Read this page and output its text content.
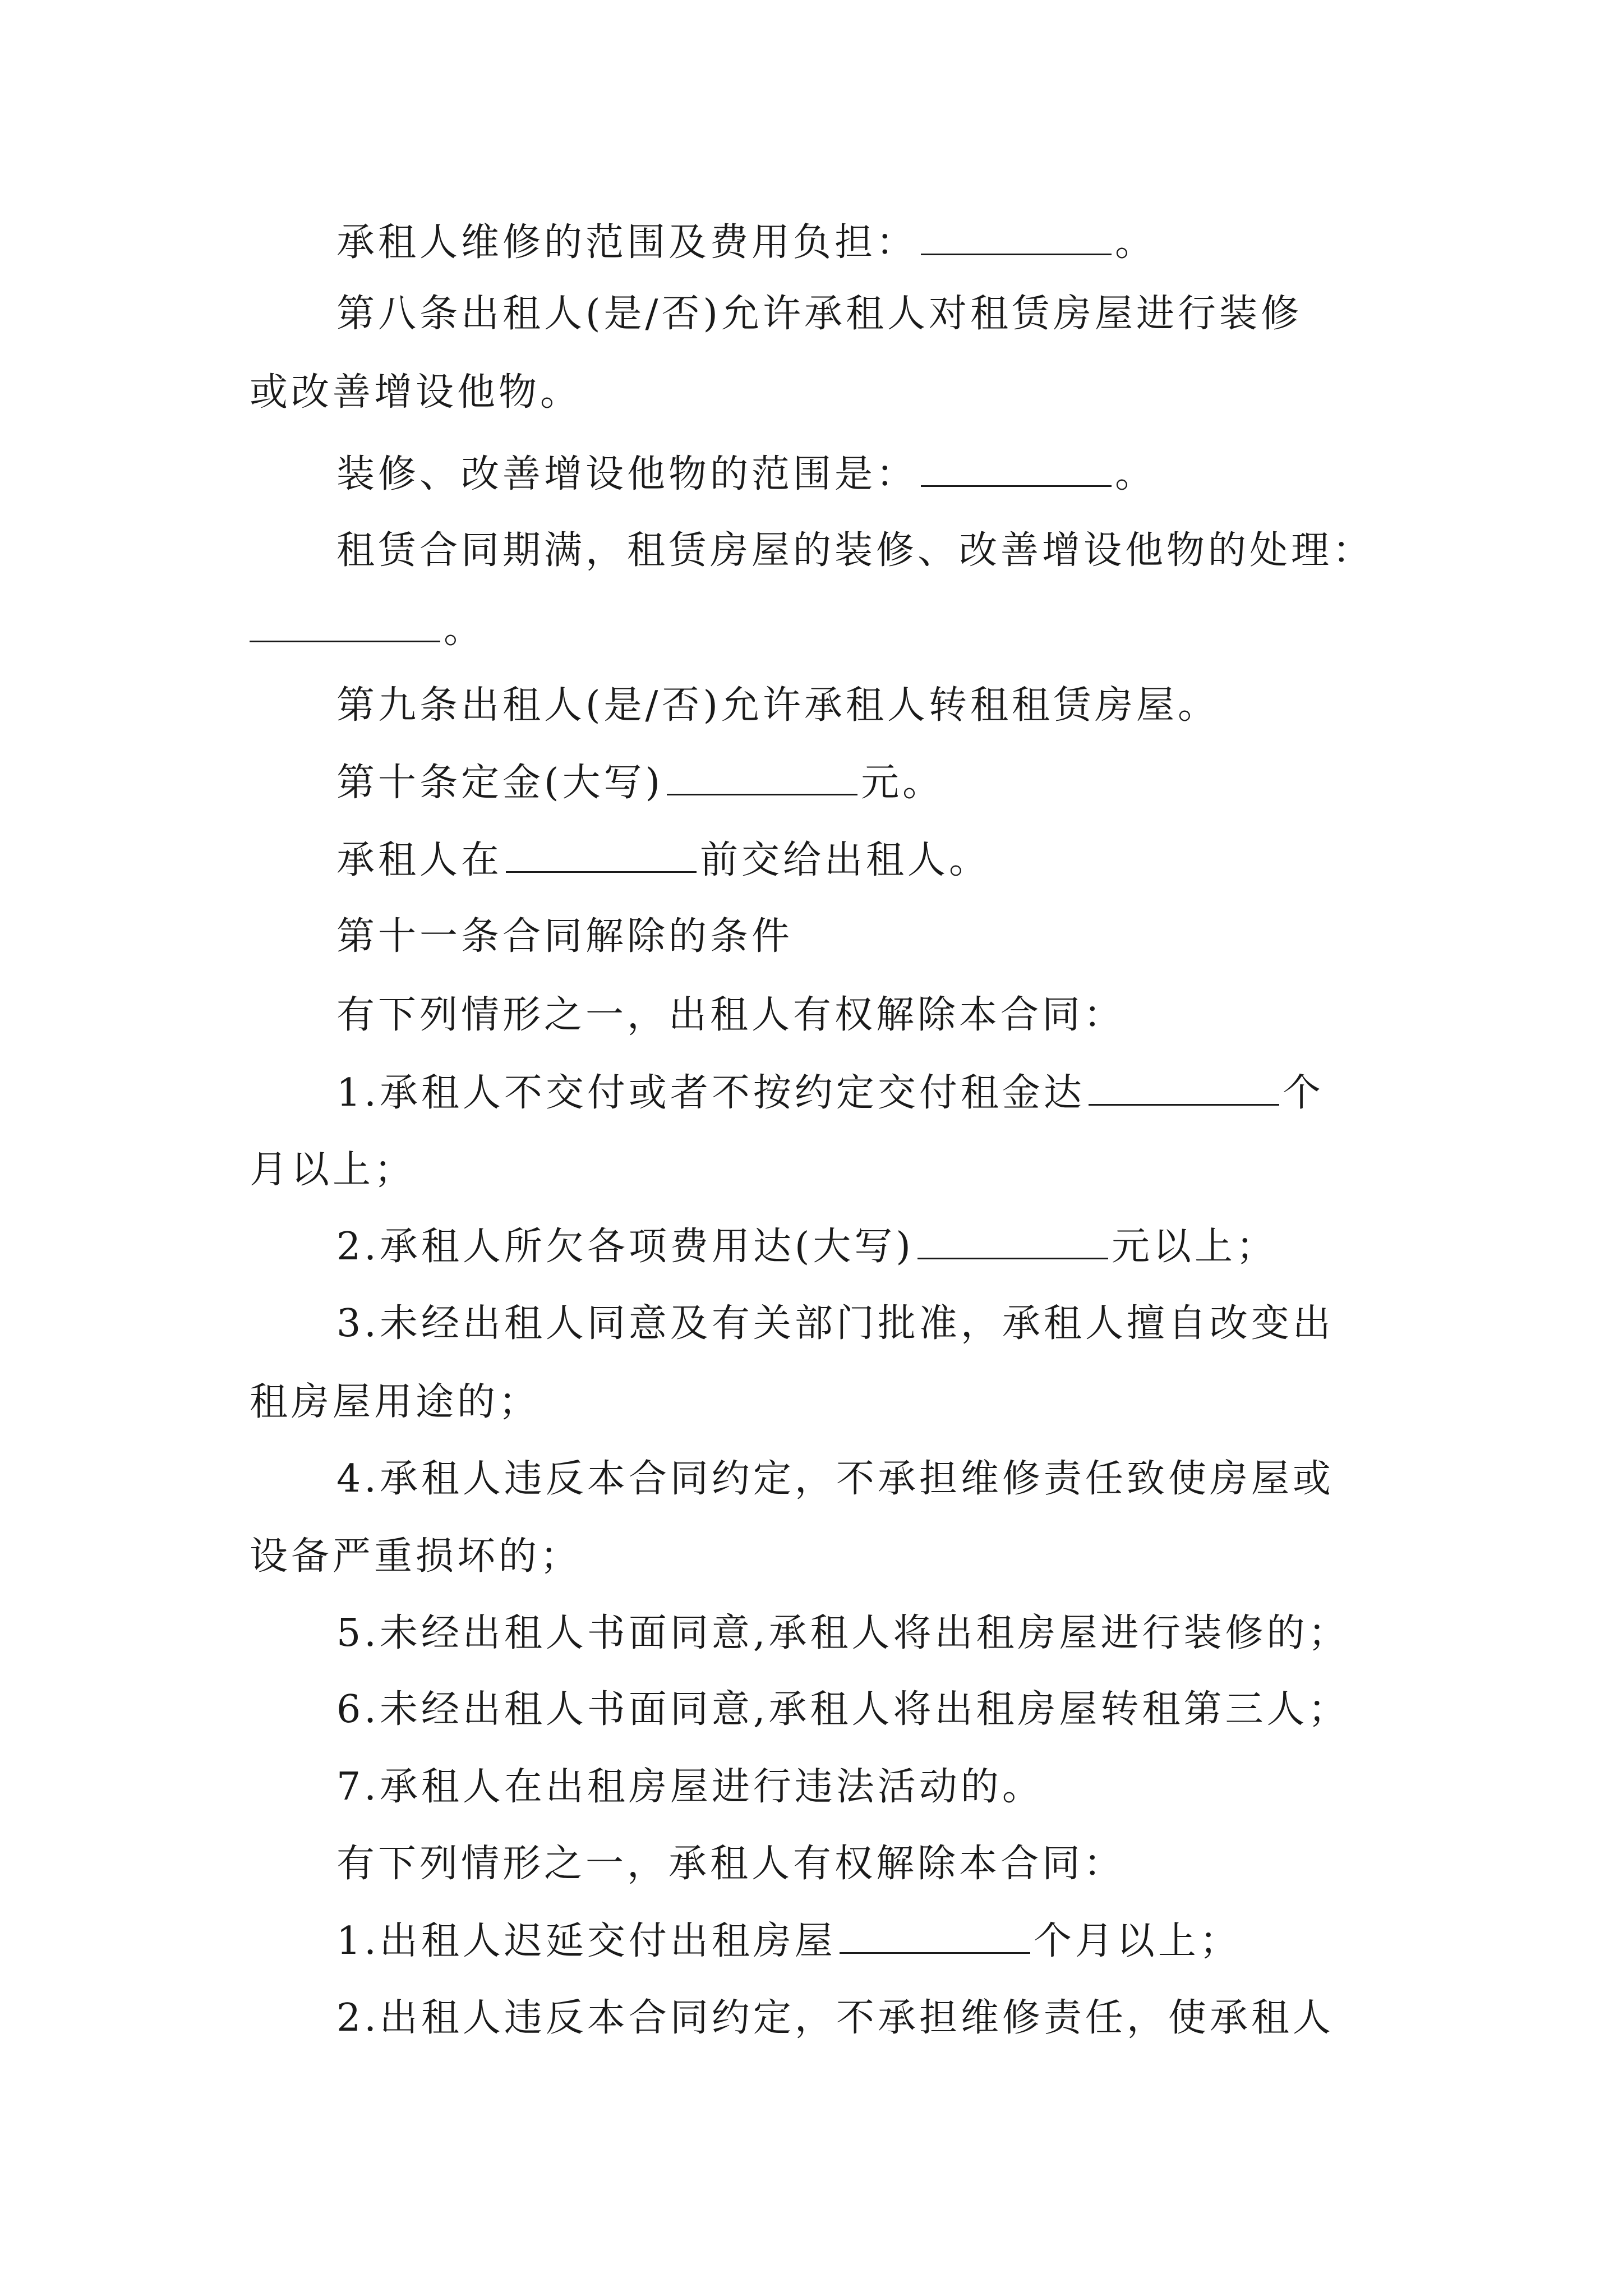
承租人维修的范围及费用负担：	。
第八条出租人(是/否)允许承租人对租赁房屋进行装修
或改善增设他物。
装修、改善增设他物的范围是：	。
租赁合同期满，租赁房屋的装修、改善增设他物的处理：
。
第九条出租人(是/否)允许承租人转租租赁房屋。
第十条定金(大写)	元。
承租人在	前交给出租人。
第十一条合同解除的条件
有下列情形之一，出租人有权解除本合同：
1.承租人不交付或者不按约定交付租金达	个
月以上；
2.承租人所欠各项费用达(大写)	元以上；
3.未经出租人同意及有关部门批准，承租人擅自改变出
租房屋用途的；
4.承租人违反本合同约定，不承担维修责任致使房屋或
设备严重损坏的；
5.未经出租人书面同意,承租人将出租房屋进行装修的；
6.未经出租人书面同意,承租人将出租房屋转租第三人；
7.承租人在出租房屋进行违法活动的。
有下列情形之一，承租人有权解除本合同：
1.出租人迟延交付出租房屋	个月以上；
2.出租人违反本合同约定，不承担维修责任，使承租人
